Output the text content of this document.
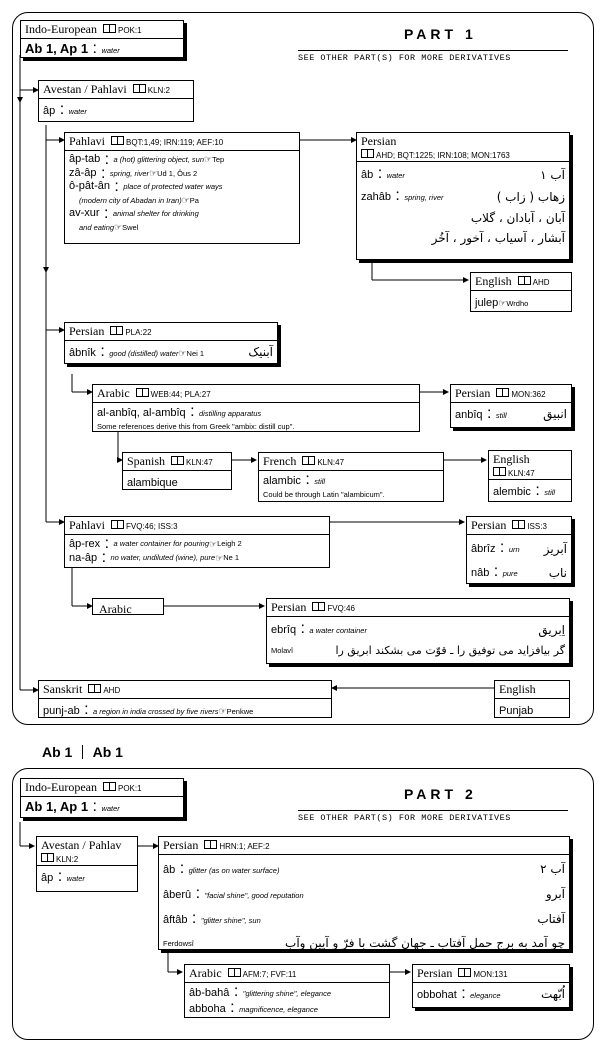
PART 1
SEE OTHER PART(S) FOR MORE DERIVATIVES
Indo-European	POK:1
Ab 1, Ap 1 : water
Avestan / Pahlavi	KLN:2
âp : water
Pahlavi	BQT:1,49; IRN:119; AEF:10
âp-tab : a (hot) glittering object, sun ☞ Tep
zâ-âp : spring, river ☞ Ud 1, Ôus 2
ô-pât-ân : place of protected water ways
(modern city of Abadan in Iran) ☞ Pa
av-xur : animal shelter for drinking
and eating ☞ Swel
Persian
AHD; BQT:1225; IRN:108; MON:1763
âb : water	آب ۱
zahâb : spring, river	زهاب ( زاب )
آبان ، آبادان ، گلاب
آبشار ، آسیاب ، آخور ، آخُر
English	AHD
julep☞Wrdho
Persian	PLA:22
âbnîk : good (distilled) water☞Nei 1	آبنیک
Arabic	WEB:44; PLA:27
al-anbîq, al-ambîq : distilling apparatus
Some references derive this from Greek "ambix: distill cup".
Persian	MON:362
anbîq : still	انبیق
Spanish	KLN:47
alambique
French	KLN:47
alambic : still
Could be through Latin "alambicum".
English
KLN:47
alembic : still
Pahlavi	FVQ:46; ISS:3
âp-rex : a water container for pouring ☞ Leigh 2
na-âp : no water, undiluted (wine), pure ☞ Ne 1
Persian	ISS:3
âbrîz : urn آبریز
nâb : pure	ناب
Arabic	Persian	FVQ:46
ebrîq : a water container	اِبریق
Molavî	گر بیافزاید می توفیق را ـ قوّت می بشکند ابریق را
Sanskrit	AHD
punj-ab : a region in india crossed by five rivers☞Penkwe
English
Punjab
Ab 1 Ab 1
PART 2
SEE OTHER PART(S) FOR MORE DERIVATIVES
Indo-European	POK:1
Ab 1, Ap 1 : water
Avestan / Pahlav
KLN:2
âp : water
Persian	HRN:1; AEF:2
âb : glitter (as on water surface)	آب ۲
âberû : "facial shine", good reputation	آبرو
âftâb : "glitter shine", sun	آفتاب
Ferdowsî	چو آمد به برج حمل آفتاب ـ جهان گشت با فرّ و آیین وآب
Arabic	AFM:7; FVF:11
âb-bahâ : "glittering shine", elegance
abboha : magnificence, elegance
Persian	MON:131
obbohat : elegance	اُبّهت
